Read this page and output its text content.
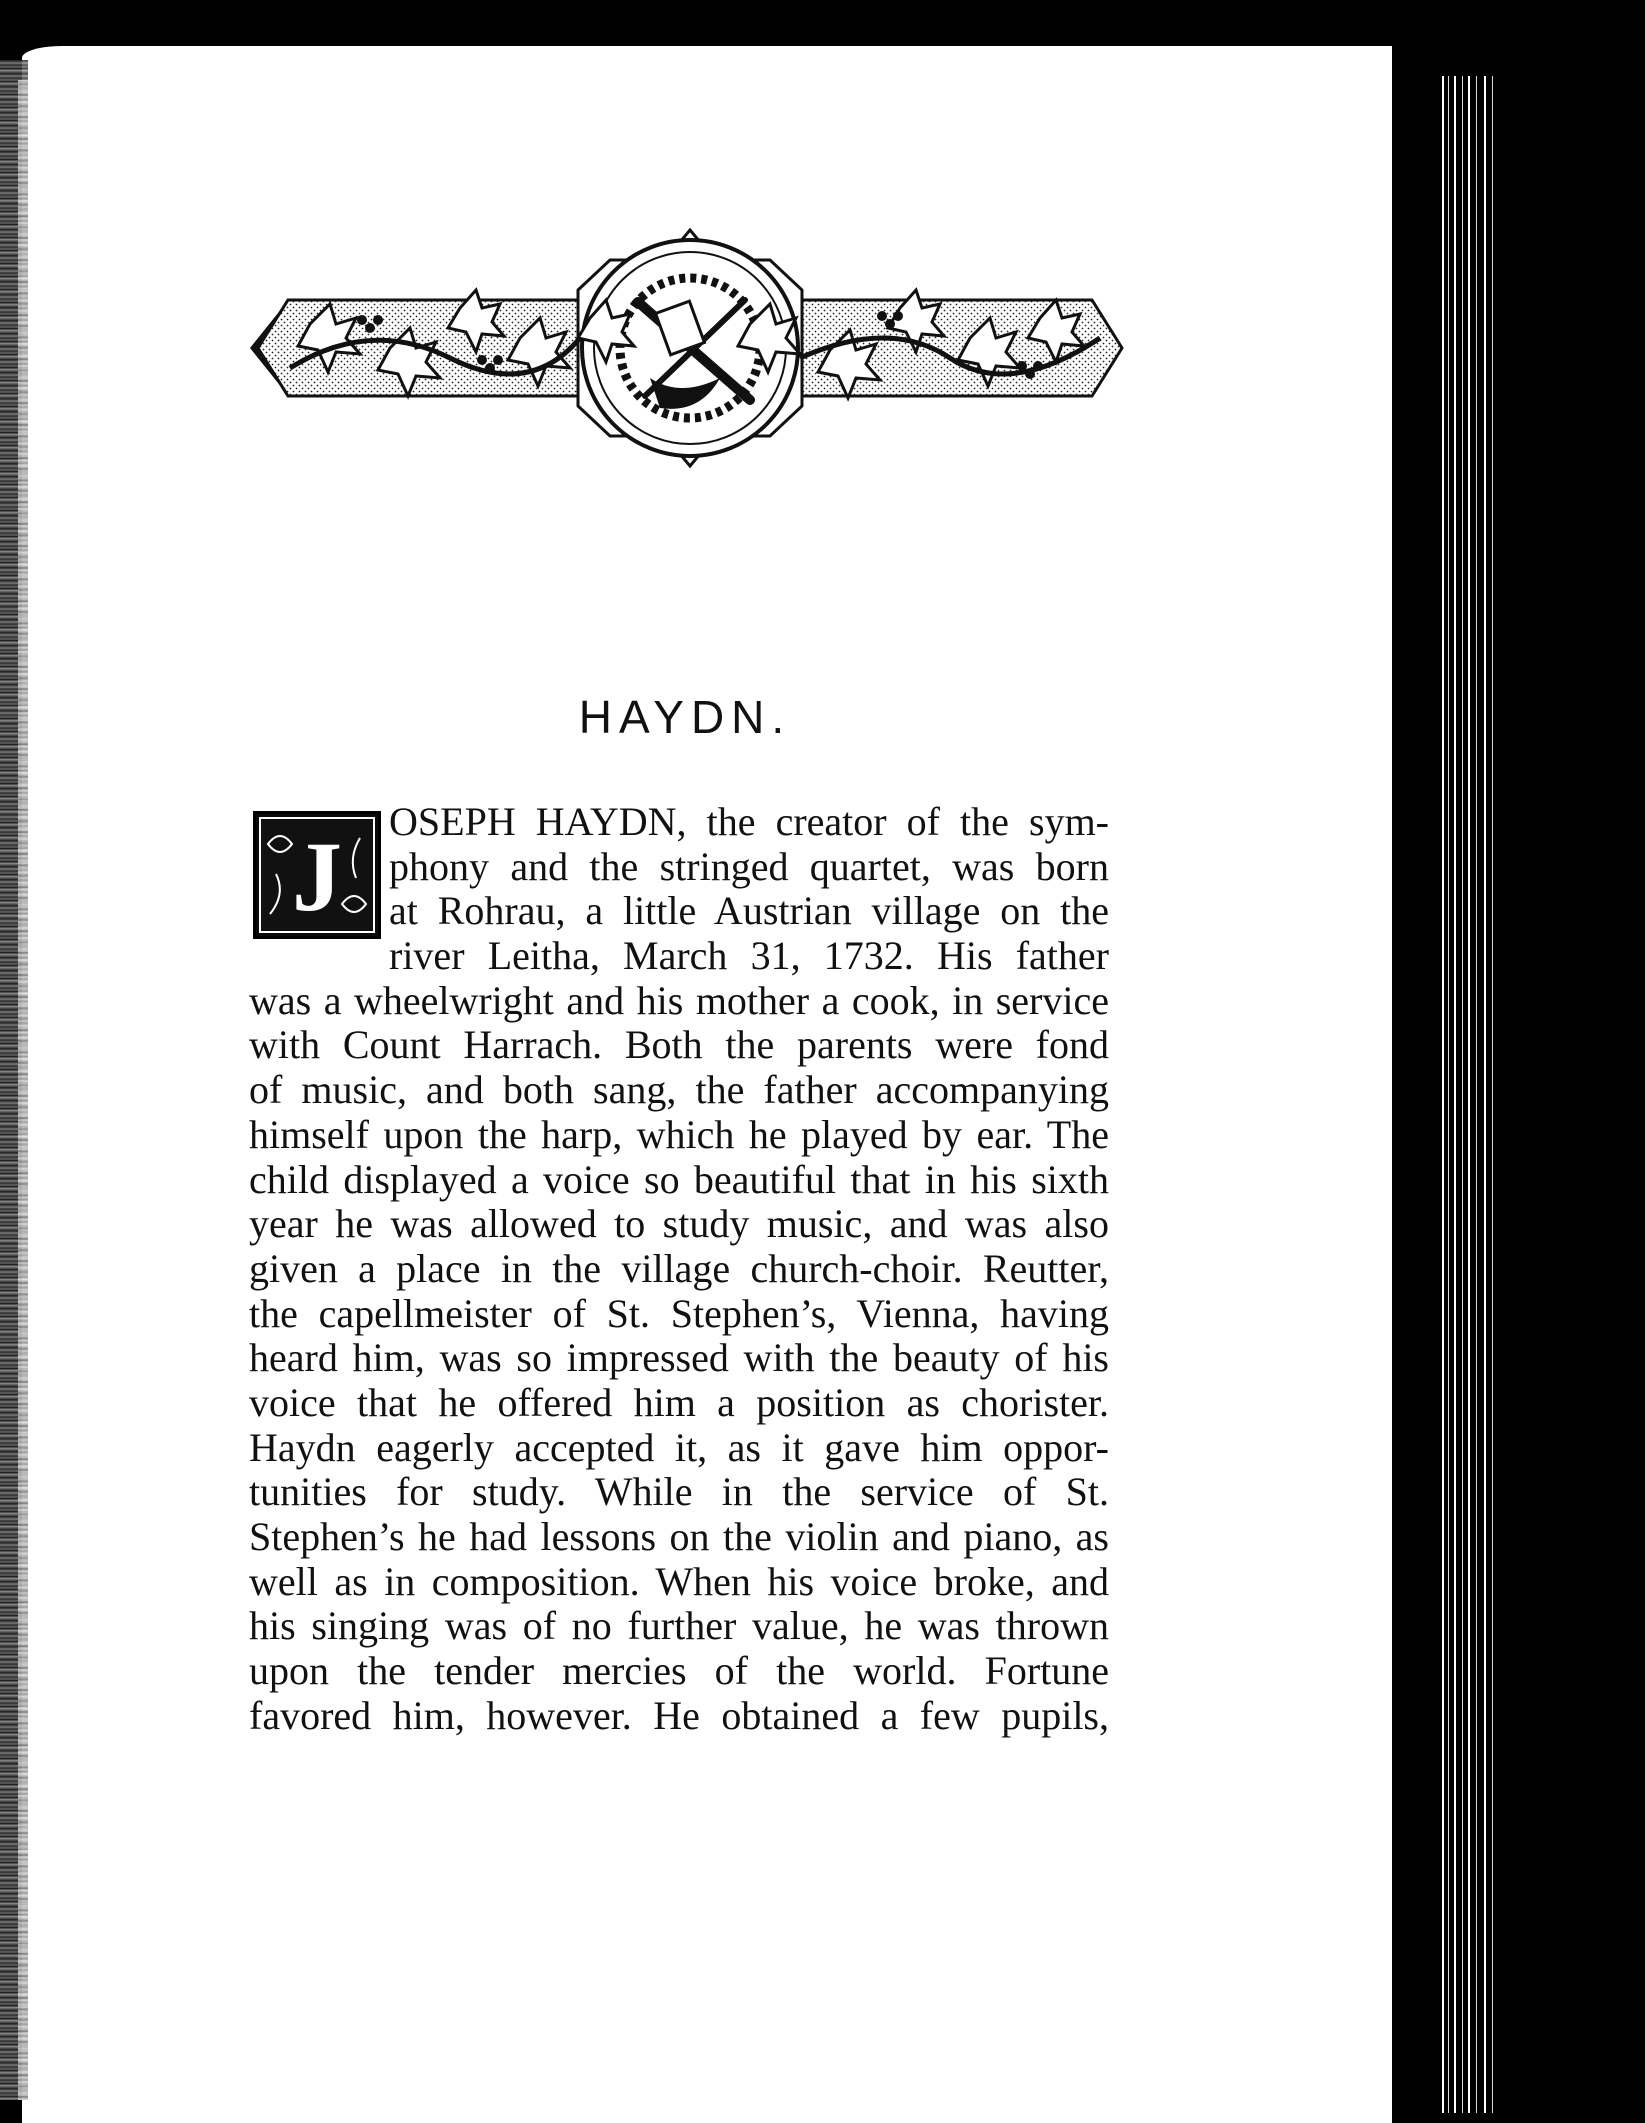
HAYDN.
J OSEPH HAYDN, the creator of the sym-
phony and the stringed quartet, was born
at Rohrau, a little Austrian village on the
river Leitha, March 31, 1732. His father
was a wheelwright and his mother a cook, in service
with Count Harrach. Both the parents were fond
of music, and both sang, the father accompanying
himself upon the harp, which he played by ear. The
child displayed a voice so beautiful that in his sixth
year he was allowed to study music, and was also
given a place in the village church-choir. Reutter,
the capellmeister of St. Stephen’s, Vienna, having
heard him, was so impressed with the beauty of his
voice that he offered him a position as chorister.
Haydn eagerly accepted it, as it gave him oppor-
tunities for study. While in the service of St.
Stephen’s he had lessons on the violin and piano, as
well as in composition. When his voice broke, and
his singing was of no further value, he was thrown
upon the tender mercies of the world. Fortune
favored him, however. He obtained a few pupils,
